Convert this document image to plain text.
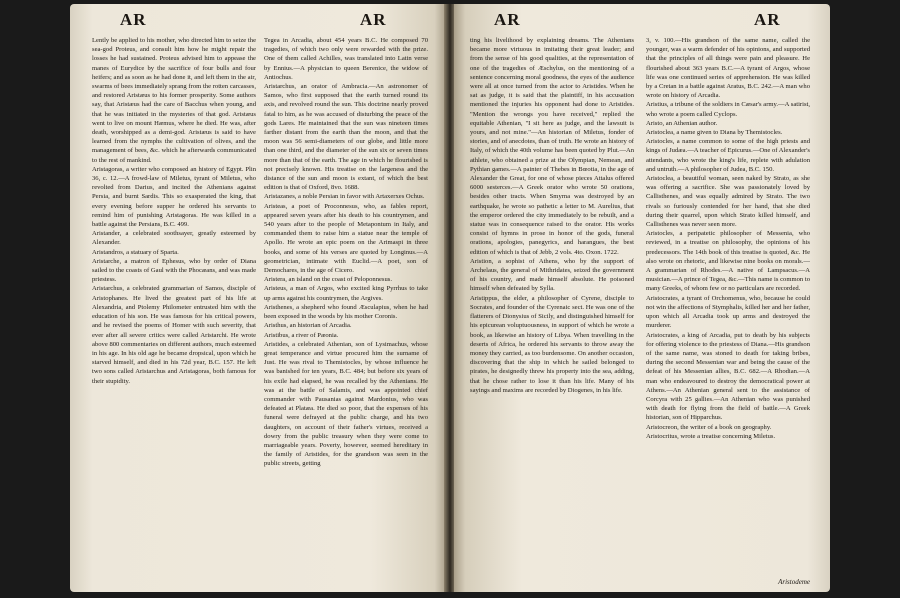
AR	AR

Lently be applied to his mother, who directed him to seize the sea-god Proteus, and consult him how he might repair the losses he had sustained. Proteus advised him to appease the manes of Eurydice by the sacrifice of four bulls and four heifers; and as soon as he had done it, and left them in the air, swarms of bees immediately sprang from the rotten carcasses, and restored Aristæus to his former prosperity. Some authors say, that Aristæus had the care of Bacchus when young, and that he was initiated in the mysteries of that god. Aristæus went to live on mount Hæmus, where he died. He was, after death, worshipped as a demi-god. Aristæus is said to have learned from the nymphs the cultivation of olives, and the management of bees, &c. which he afterwards communicated to the rest of mankind.

Aristagoras, a writer who composed an history of Egypt. Plin 36, c. 12.—A frowd-law of Miletus, tyrant of Miletus, who revolted from Darius, and incited the Athenians against Persia, and burnt Sardis. This so exasperated the king, that every evening before supper he ordered his servants to remind him of punishing Aristagoras. He was killed in a battle against the Persians, B.C. 499.

Aristander, a celebrated soothsayer, greatly esteemed by Alexander.

Aristandros, a statuary of Sparta.

Aristarche, a matron of Ephesus, who by order of Diana sailed to the coasts of Gaul with the Phocæans, and was made priestess.

Aristarchus, a celebrated grammarian of Samos, disciple of Aristophanes. He lived the greatest part of his life at Alexandria, and Ptolemy Philometer entrusted him with the education of his son. He was famous for his critical powers, and he revised the poems of Homer with such severity, that ever after all severe critics were called Aristarchi. He wrote above 800 commentaries on different authors, much esteemed in his age. In his old age he became dropsical, upon which he starved himself, and died in his 72d year, B.C. 157. He left two sons called Aristarchus and Aristagoras, both famous for their stupidity.

Tegea in Arcadia, about 454 years B.C. He composed 70 tragedies, of which two only were rewarded with the prize. One of them called Achilles, was translated into Latin verse by Ennius.—A physician to queen Berenice, the widow of Antiochus.

Aristarchus, an orator of Ambracia.—An astronomer of Samos, who first supposed that the earth turned round its axis, and revolved round the sun. This doctrine nearly proved fatal to him, as he was accused of disturbing the peace of the gods Lares. He maintained that the sun was nineteen times farther distant from the earth than the moon, and that the moon was 56 semi-diameters of our globe, and little more than one third, and the diameter of the sun six or seven times more than that of the earth. The age in which he flourished is not precisely known. His treatise on the largeness and the distance of the sun and moon is extant, of which the best edition is that of Oxford, 8vo. 1688.

Aristazanes, a noble Persian in favor with Artaxerxes Ochus.

Aristeas, a poet of Proconnesus, who, as fables report, appeared seven years after his death to his countrymen, and 540 years after to the people of Metapontum in Italy, and commanded them to raise him a statue near the temple of Apollo. He wrote an epic poem on the Arimaspi in three books, and some of his verses are quoted by Longinus.—A geometrician, intimate with Euclid.—A poet, son of Demochares, in the age of Cicero.

Aristera, an island on the coast of Peloponnesus.

Aristeus, a man of Argos, who excited king Pyrrhus to take up arms against his countrymen, the Argives.

Aristhenes, a shepherd who found Æsculapius, when he had been exposed in the woods by his mother Coronis.

Aristhus, an historian of Arcadia.

Aristibus, a river of Pæonia.

Aristides, a celebrated Athenian, son of Lysimachus, whose great temperance and virtue procured him the surname of Just. He was rival to Themistocles, by whose influence he was banished for ten years, B.C. 484; but before six years of his exile had elapsed, he was recalled by the Athenians. He was at the battle of Salamis, and was appointed chief commander with Pausanias against Mardonius, who was defeated at Platæa. He died so poor, that the expenses of his funeral were defrayed at the public charge, and his two daughters, on account of their father's virtues, received a dowry from the public treasury when they were come to marriageable years. Poverty, however, seemed hereditary in the family of Aristides, for the grandson was seen in the public streets, getting

AR	AR

ting his livelihood by explaining dreams. The Athenians became more virtuous in imitating their great leader; and from the sense of his good qualities, at the representation of one of the tragedies of Æschylus, on the mentioning of a sentence concerning moral goodness, the eyes of the audience were all at once turned from the actor to Aristides. When he sat as judge, it is said that the plaintiff, in his accusation mentioned the injuries his opponent had done to Aristides. "Mention the wrongs you have received," replied the equitable Athenian, "I sit here as judge, and the lawsuit is yours, and not mine."—An historian of Miletus, fonder of stories, and of anecdotes, than of truth. He wrote an history of Italy, of which the 40th volume has been quoted by Plut.—An athlete, who obtained a prize at the Olympian, Nemean, and Pythian games.—A painter of Thebes in Bœotia, in the age of Alexander the Great, for one of whose pieces Attalus offered 6000 sesterces.—A Greek orator who wrote 50 orations, besides other tracts. When Smyrna was destroyed by an earthquake, he wrote so pathetic a letter to M. Aurelius, that the emperor ordered the city immediately to be rebuilt, and a statue was in consequence raised to the orator. His works consist of hymns in prose in honor of the gods, funeral orations, apologies, panegyrics, and harangues, the best edition of which is that of Jebb, 2 vols. 4to. Oxon. 1722.

Aristion, a sophist of Athens, who by the support of Archelaus, the general of Mithridates, seized the government of his country, and made himself absolute. He poisoned himself when defeated by Sylla.

Aristippus, the elder, a philosopher of Cyrene, disciple to Socrates, and founder of the Cyrenaic sect. He was one of the flatterers of Dionysius of Sicily, and distinguished himself for his epicurean voluptuousness, in support of which he wrote a book, as likewise an history of Libya. When travelling in the deserts of Africa, he ordered his servants to throw away the money they carried, as too burdensome. On another occasion, discovering that the ship in which he sailed belonged to pirates, he designedly threw his property into the sea, adding, that he chose rather to lose it than his life. Many of his sayings and maxims are recorded by Diogenes, in his life.

3, v. 100.—His grandson of the same name, called the younger, was a warm defender of his opinions, and supported that the principles of all things were pain and pleasure. He flourished about 363 years B.C.—A tyrant of Argos, whose life was one continued series of apprehension. He was killed by a Cretan in a battle against Aratus, B.C. 242.—A man who wrote on history of Arcadia.

Aristius, a tribune of the soldiers in Cæsar's army.—A satirist, who wrote a poem called Cyclops.

Aristo, an Athenian author.

Aristoclea, a name given to Diana by Themistocles.

Aristocles, a name common to some of the high priests and kings of Judæa.—A teacher of Epicurus.—One of Alexander's attendants, who wrote the king's life, replete with adulation and untruth.—A philosopher of Judea, B.C. 150.

Aristoclea, a beautiful woman, seen naked by Strato, as she was offering a sacrifice. She was passionately loved by Callisthenes, and was equally admired by Strato. The two rivals so furiously contended for her hand, that she died during their quarrel, upon which Strato killed himself, and Callisthenes was never seen more.

Aristocles, a peripatetic philosopher of Messenia, who reviewed, in a treatise on philosophy, the opinions of his predecessors. The 14th book of this treatise is quoted, &c. He also wrote on rhetoric, and likewise nine books on morals.—A grammarian of Rhodes.—A native of Lampsacus.—A musician.—A prince of Tegea, &c.—This name is common to many Greeks, of whom few or no particulars are recorded.

Aristocrates, a tyrant of Orchomenus, who, because he could not win the affections of Stymphalis, killed her and her father, upon which all Arcadia took up arms and destroyed the murderer.

Aristocrates, a king of Arcadia, put to death by his subjects for offering violence to the priestess of Diana.—His grandson of the same name, was stoned to death for taking bribes, during the second Messenian war and being the cause of the defeat of his Messenian allies, B.C. 682.—A Rhodian.—A man who endeavoured to destroy the democratical power at Athens.—An Athenian general sent to the assistance of Corcyra with 25 gallies.—An Athenian who was punished with death for flying from the field of battle.—A Greek historian, son of Hipparchus.

Aristocreon, the writer of a book on geography.

Aristocritus, wrote a treatise concerning Miletus.

Aristodeme
